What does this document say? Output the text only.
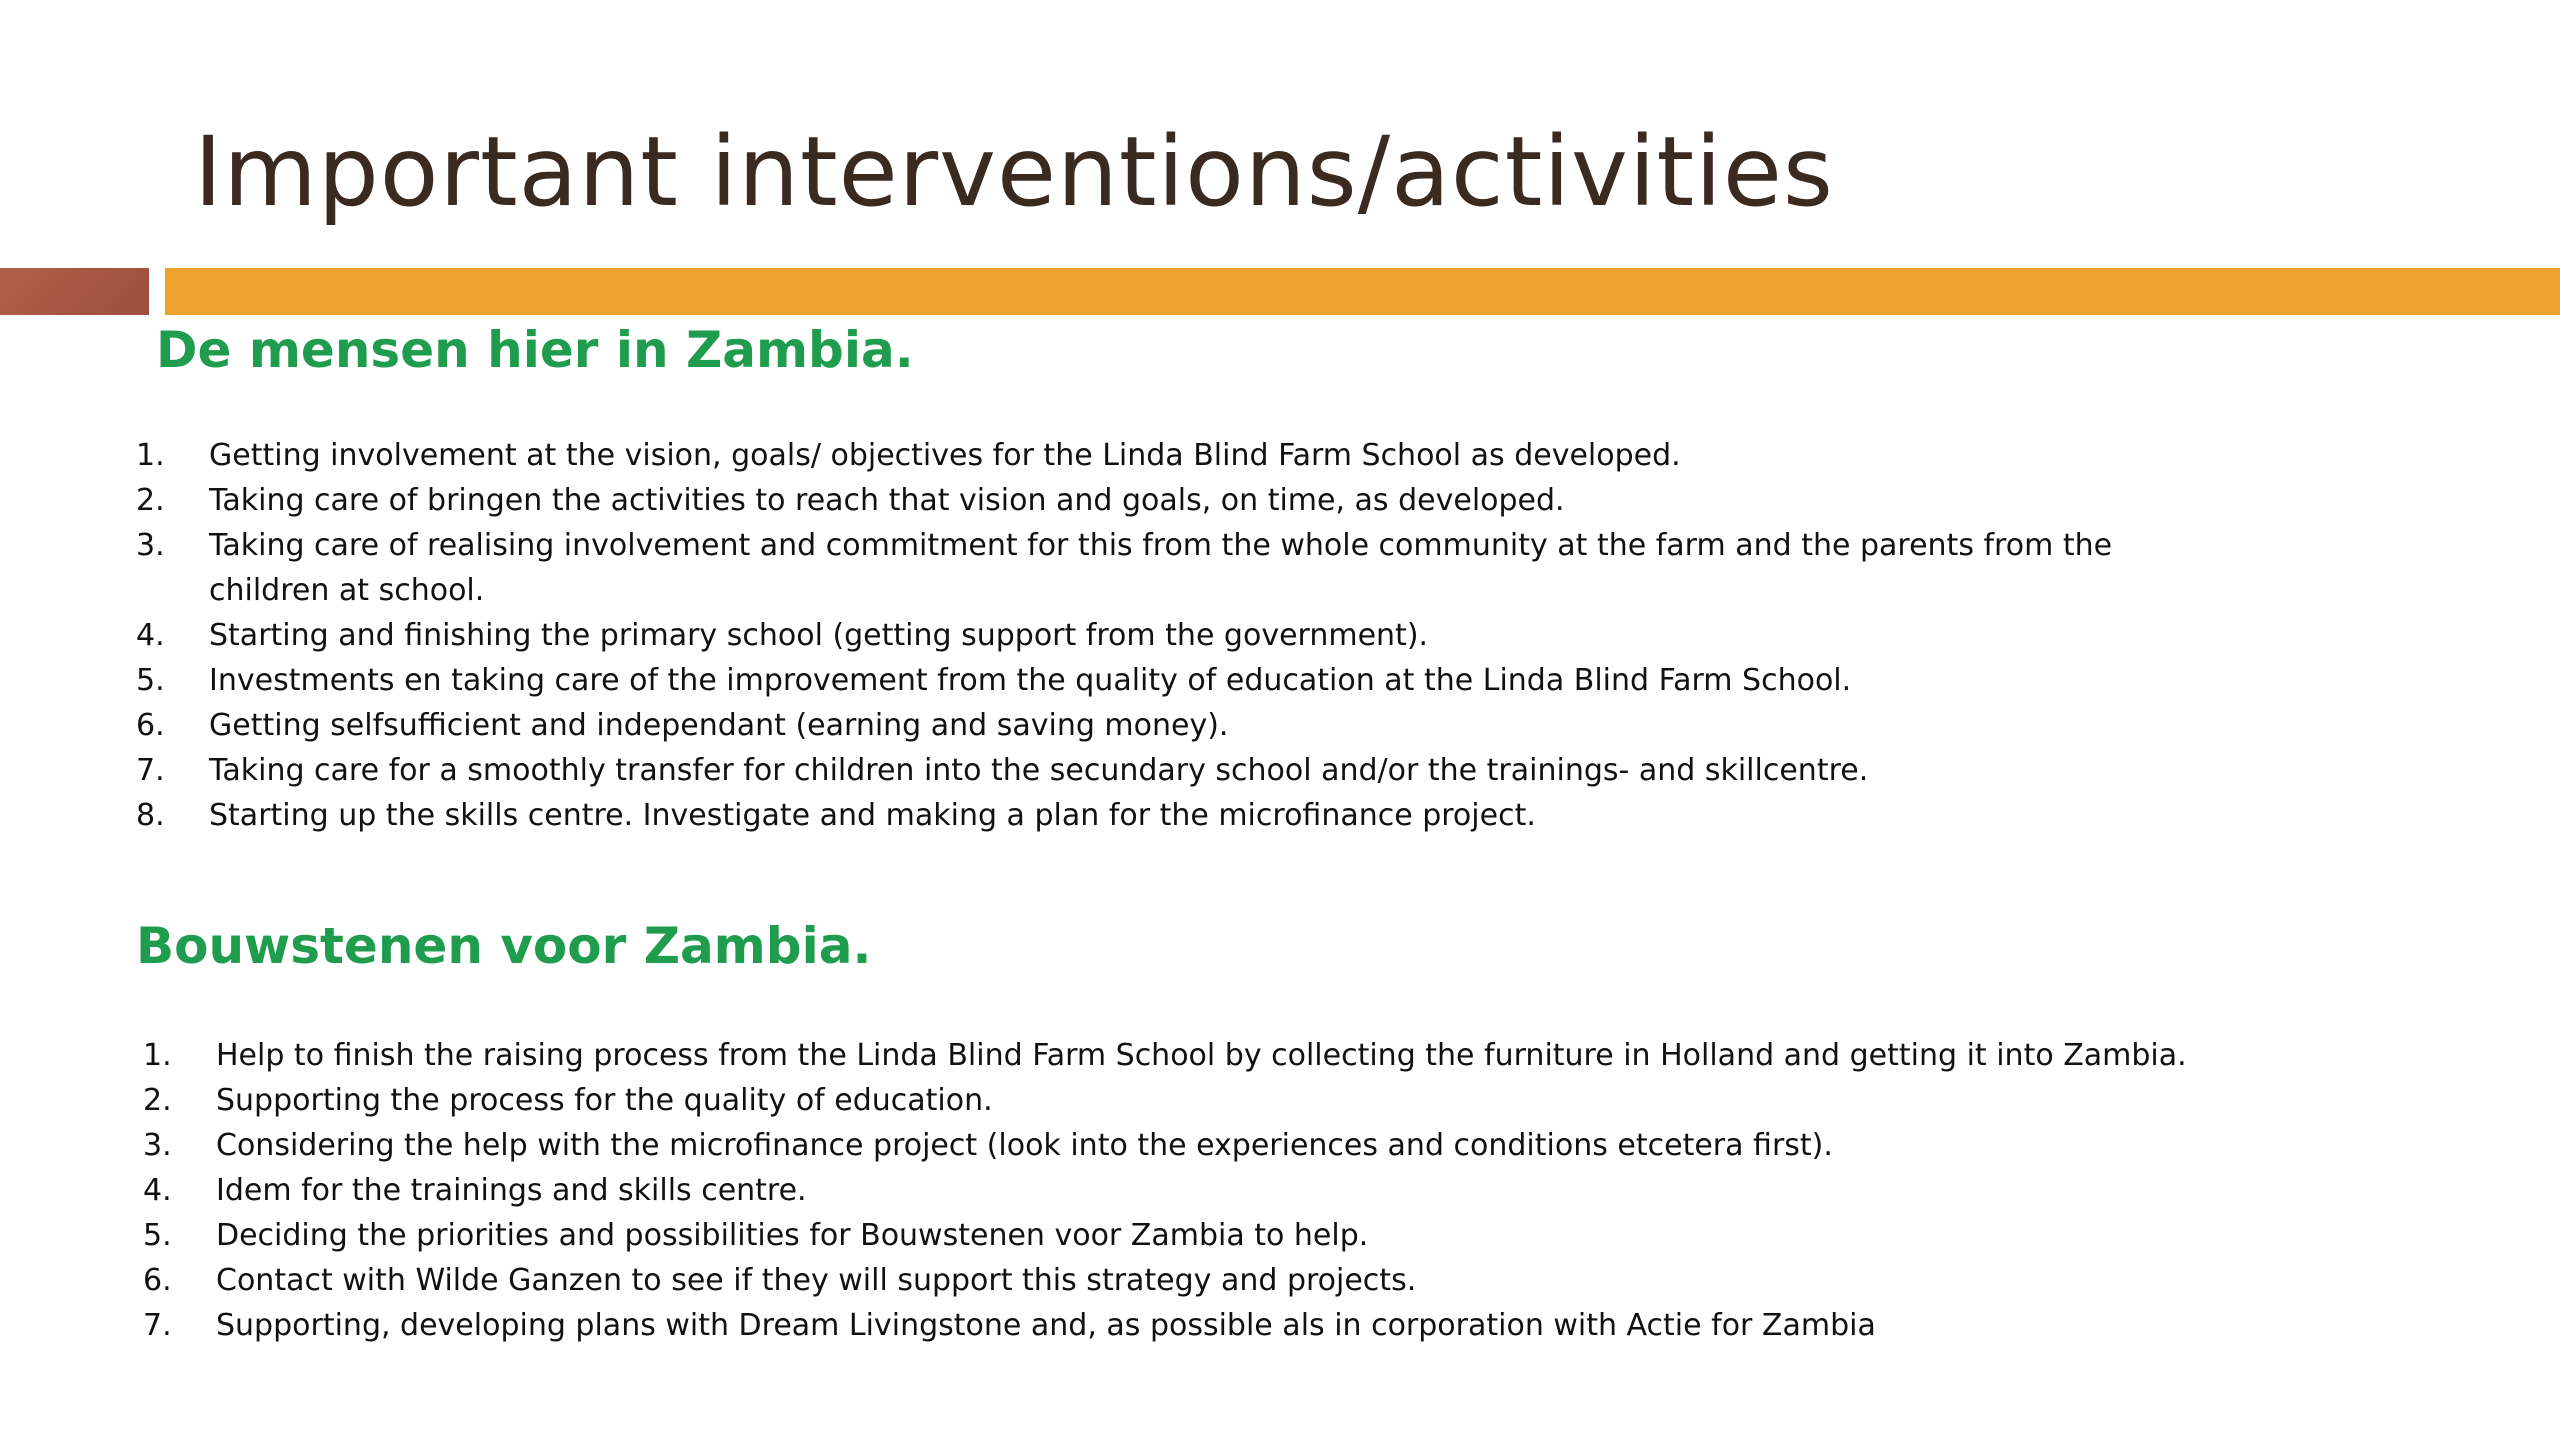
Important interventions/activities
De mensen hier in Zambia.
1. Getting involvement at the vision, goals/ objectives for the Linda Blind Farm School as developed.
2. Taking care of bringen the activities to reach that vision and goals, on time, as developed.
3. Taking care of realising involvement and commitment for this from the whole community at the farm and the parents from the children at school.
4. Starting and finishing the primary school (getting support from the government).
5. Investments en taking care of the improvement from the quality of education at the Linda Blind Farm School.
6. Getting selfsufficient and independant (earning and saving money).
7. Taking care for a smoothly transfer for children into the secundary school and/or the trainings- and skillcentre.
8. Starting up the skills centre. Investigate and making a plan for the microfinance project.
Bouwstenen voor Zambia.
1. Help to finish the raising process from the Linda Blind Farm School by collecting the furniture in Holland and getting it into Zambia.
2. Supporting the process for the quality of education.
3. Considering the help with the microfinance project (look into the experiences and conditions etcetera first).
4. Idem for the trainings and skills centre.
5. Deciding the priorities and possibilities for Bouwstenen voor Zambia to help.
6. Contact with Wilde Ganzen to see if they will support this strategy and projects.
7. Supporting, developing plans with Dream Livingstone and, as possible als in corporation with Actie for Zambia
